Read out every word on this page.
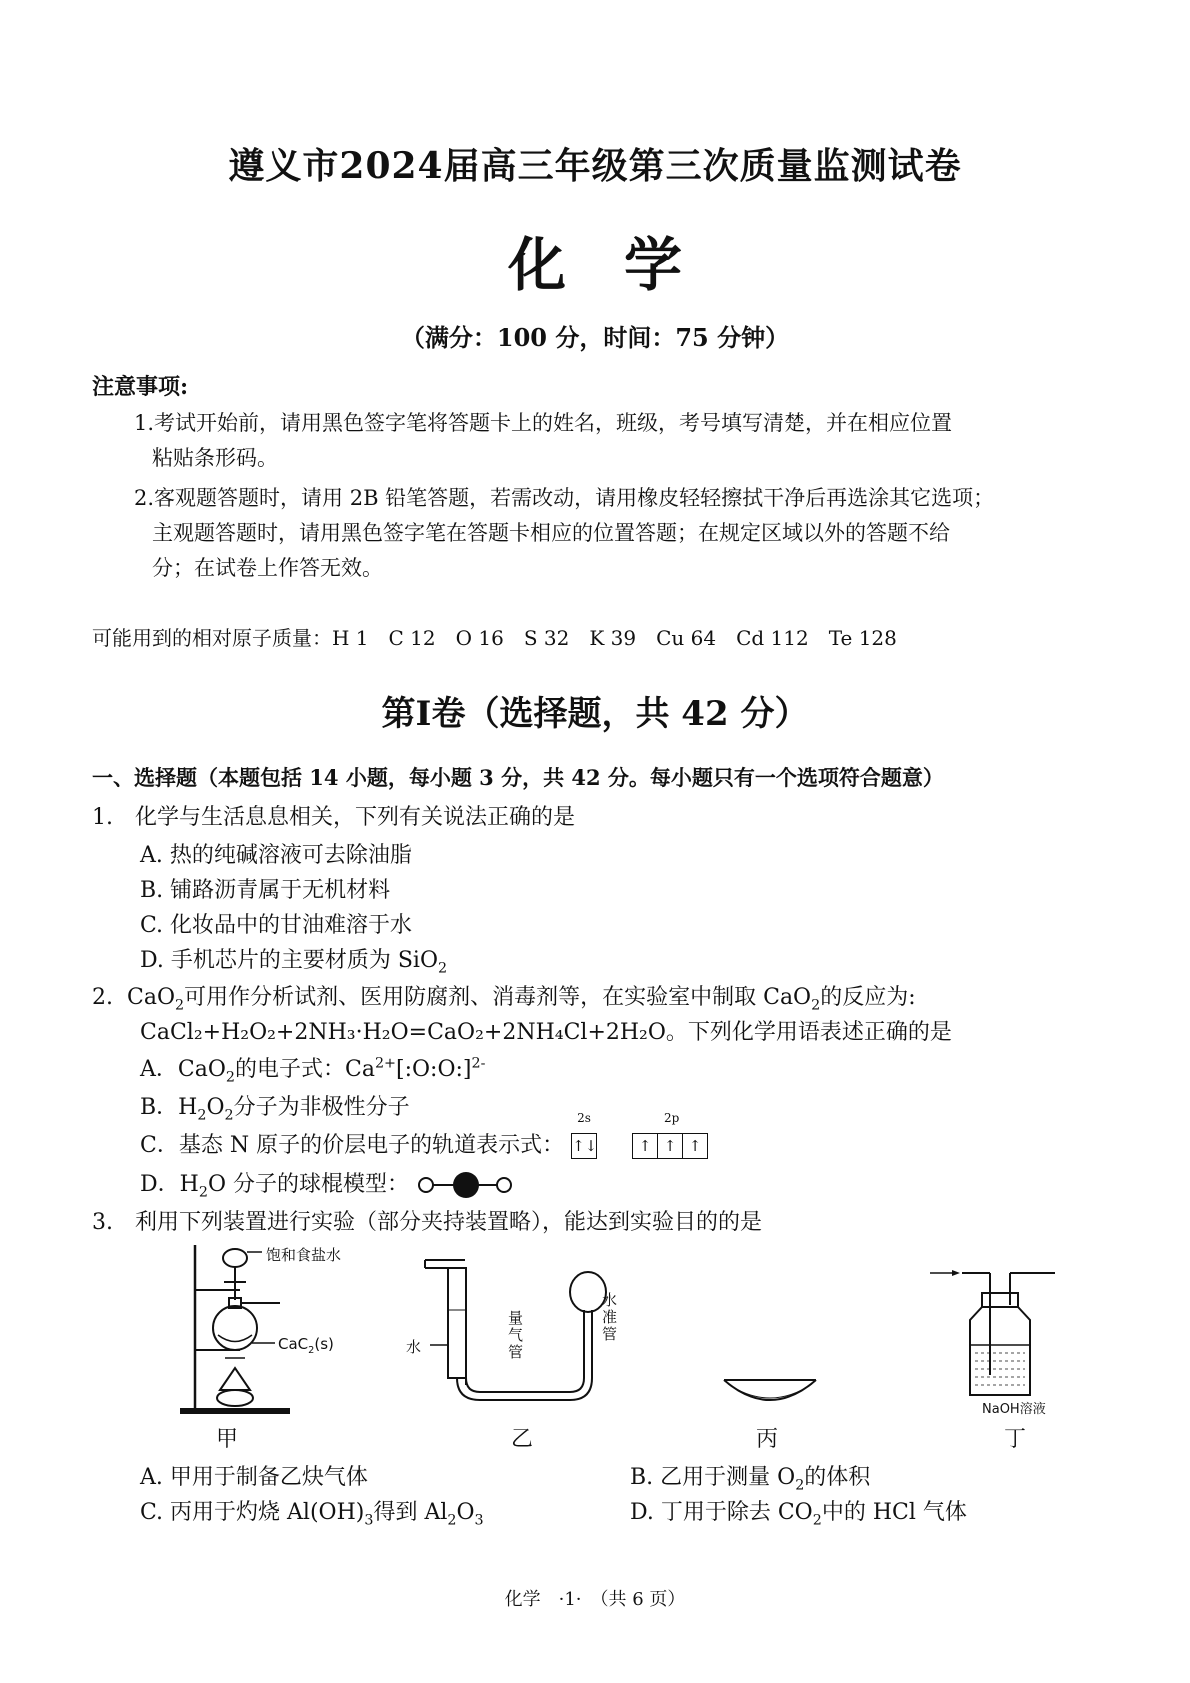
遵义市2024届高三年级第三次质量监测试卷
化　学
（满分：100 分，时间：75 分钟）
注意事项:
1.考试开始前，请用黑色签字笔将答题卡上的姓名，班级，考号填写清楚，并在相应位置
粘贴条形码。
2.客观题答题时，请用 2B 铅笔答题，若需改动，请用橡皮轻轻擦拭干净后再选涂其它选项；
主观题答题时，请用黑色签字笔在答题卡相应的位置答题；在规定区域以外的答题不给
分；在试卷上作答无效。
可能用到的相对原子质量：H 1　C 12　O 16　S 32　K 39　Cu 64　Cd 112　Te 128
第Ⅰ卷（选择题，共 42 分）
一、选择题（本题包括 14 小题，每小题 3 分，共 42 分。每小题只有一个选项符合题意）
1.　化学与生活息息相关，下列有关说法正确的是
A. 热的纯碱溶液可去除油脂
B. 铺路沥青属于无机材料
C. 化妆品中的甘油难溶于水
D. 手机芯片的主要材质为 SiO$_2$
2. CaO$_2$可用作分析试剂、医用防腐剂、消毒剂等，在实验室中制取 CaO$_2$的反应为:
CaCl₂+H₂O₂+2NH₃·H₂O=CaO₂+2NH₄Cl+2H₂O。下列化学用语表述正确的是
A．CaO$_2$的电子式：$Ca^{2+}[:O:O:]^{2-}$
B．$H_2O_2$分子为非极性分子
C．基态 N 原子的价层电子的轨道表示式：
2s
↑↓
2p
↑ ↑ ↑
D．$H_2O$ 分子的球棍模型：
3.　利用下列装置进行实验（部分夹持装置略），能达到实验目的的是
饱和食盐水
CaC$_2$(s)	水
量气管
水准管
NaOH溶液
甲	乙	丙	丁
A. 甲用于制备乙炔气体	B. 乙用于测量 $O_2$的体积
C. 丙用于灼烧 $Al(OH)_3$得到 $Al_2O_3$	D. 丁用于除去 $CO_2$中的 HCl 气体
化学　·1·　（共 6 页）
